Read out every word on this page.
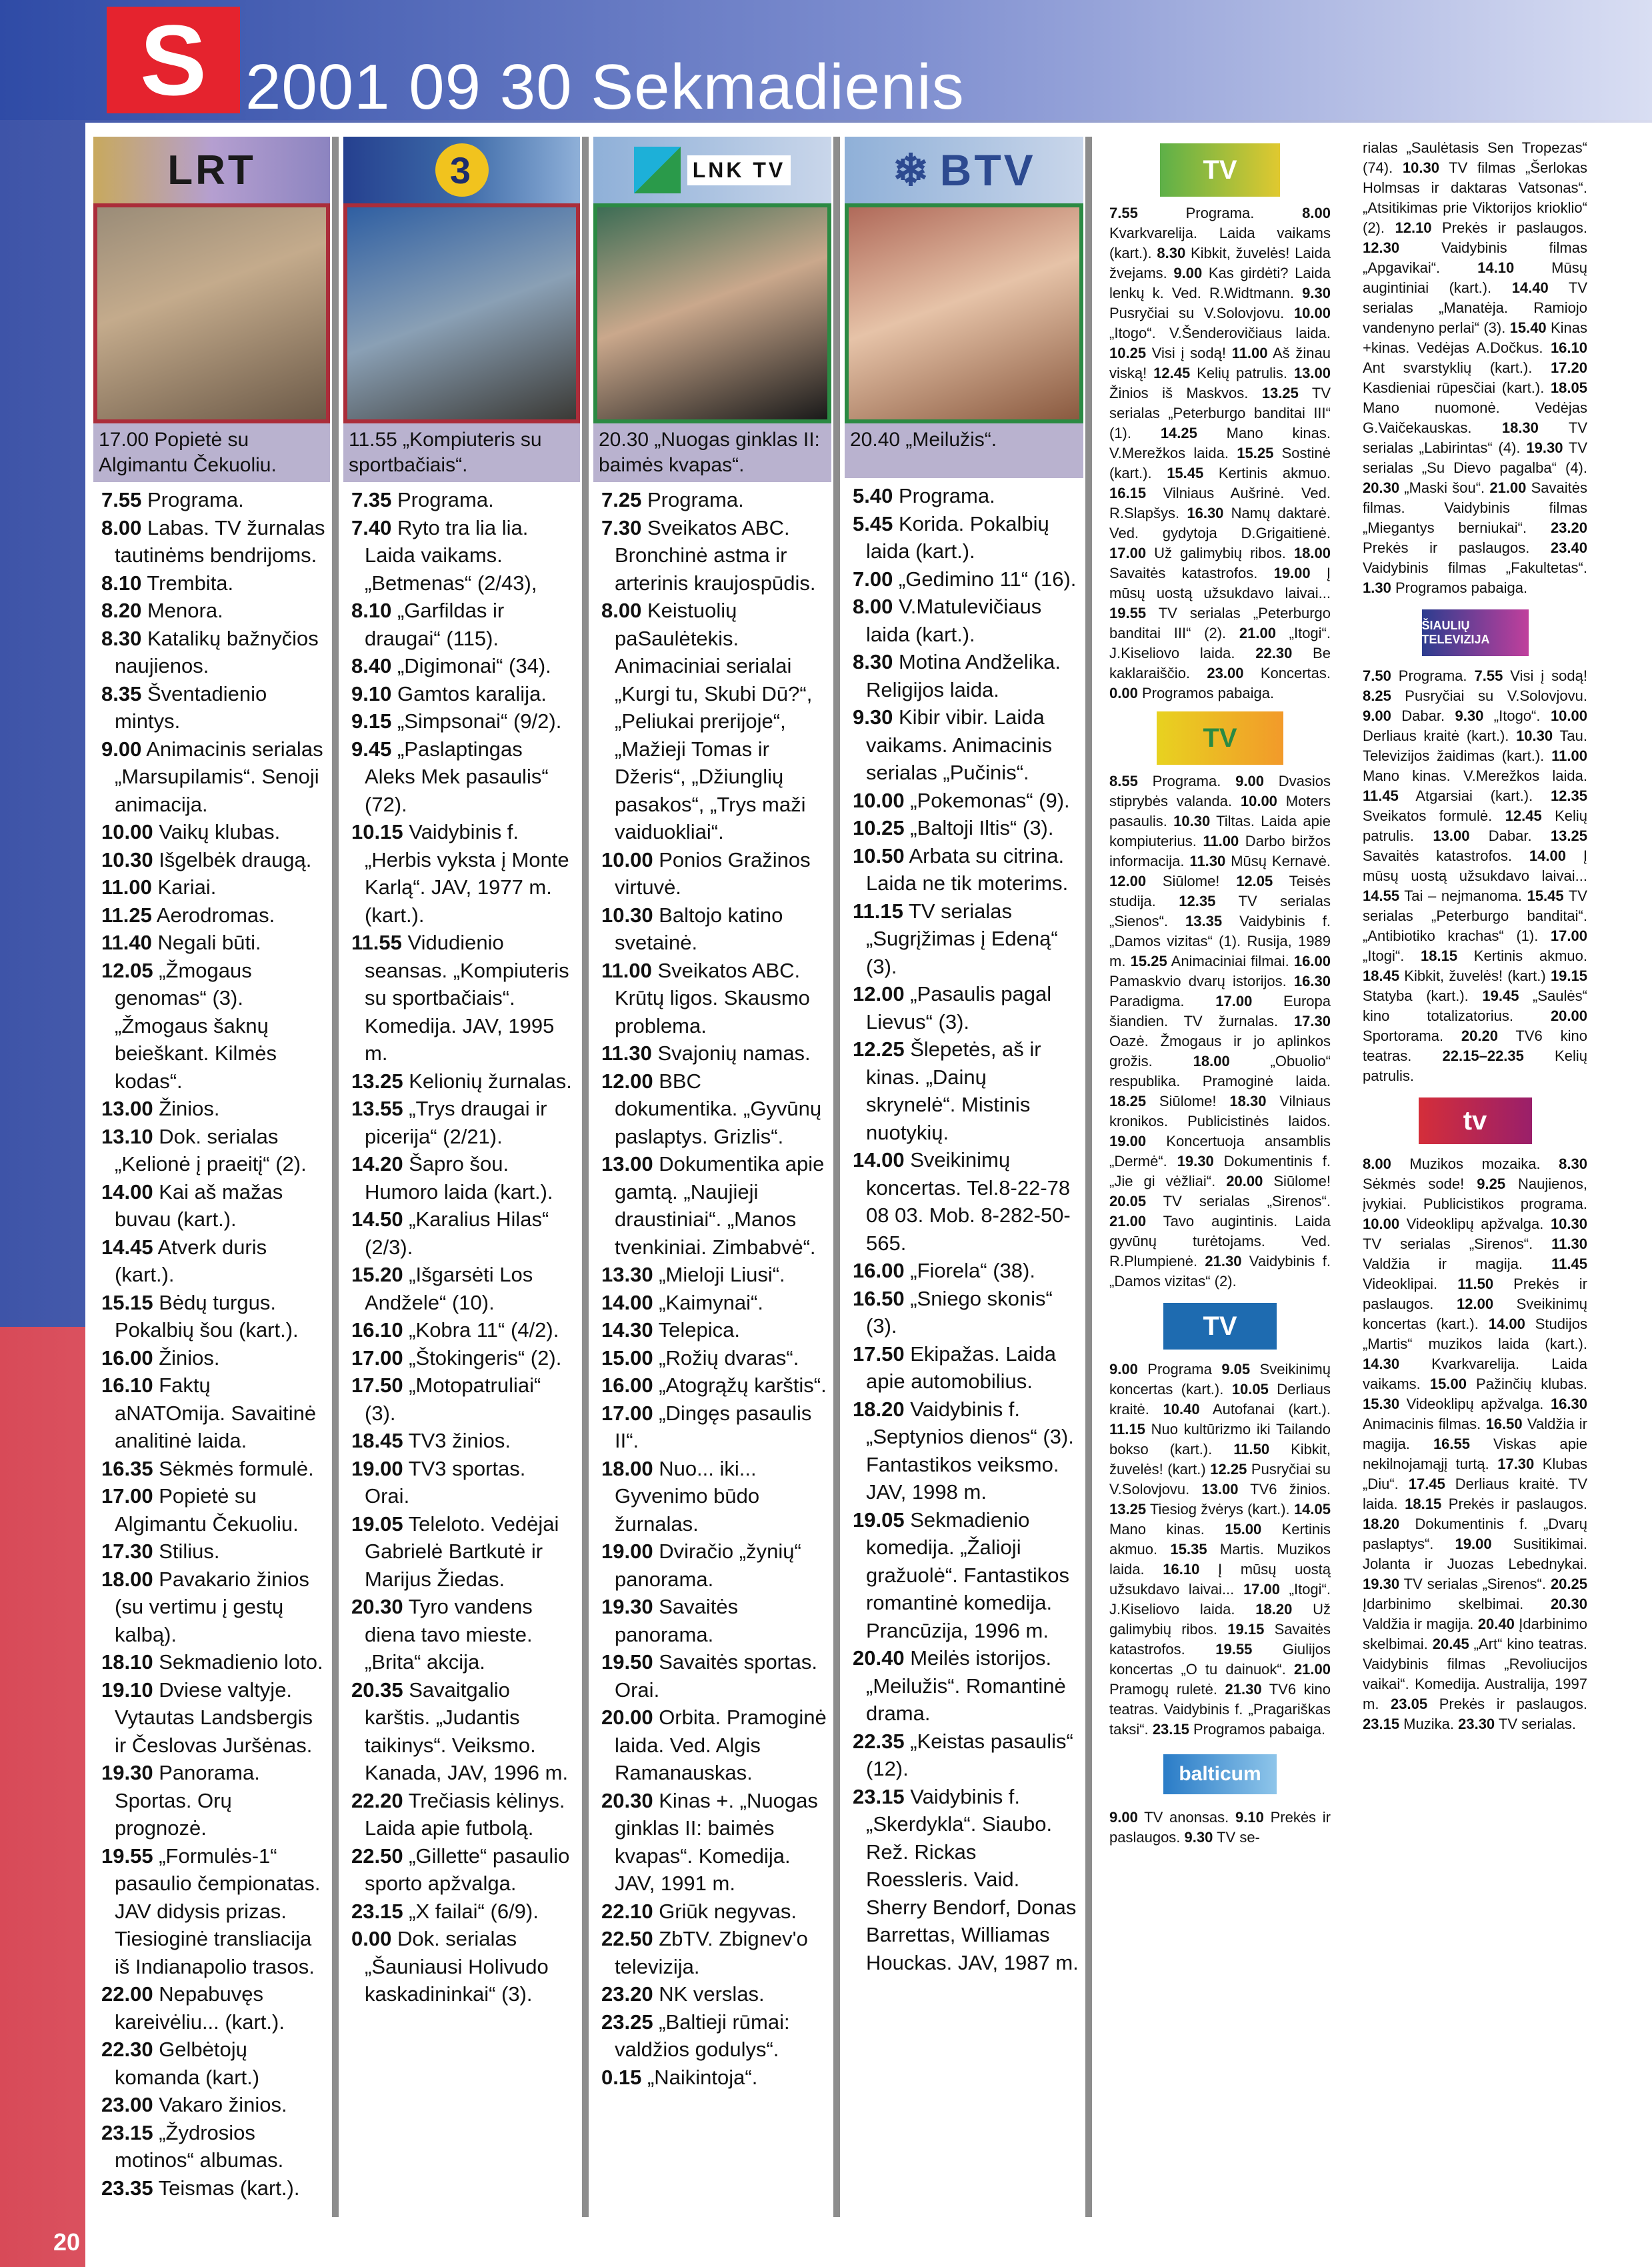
S 2001 09 30 Sekmadienis
LRT
17.00 Popietė su Algimantu Čekuoliu.
7.55 Programa.
8.00 Labas. TV žurnalas tautinėms bendrijoms.
8.10 Trembita.
8.20 Menora.
8.30 Katalikų bažnyčios naujienos.
8.35 Šventadienio mintys.
9.00 Animacinis serialas „Marsupilamis“. Senoji animacija.
10.00 Vaikų klubas.
10.30 Išgelbėk draugą.
11.00 Kariai.
11.25 Aerodromas.
11.40 Negali būti.
12.05 „Žmogaus genomas“ (3). „Žmogaus šaknų beieškant. Kilmės kodas“.
13.00 Žinios.
13.10 Dok. serialas „Kelionė į praeitį“ (2).
14.00 Kai aš mažas buvau (kart.).
14.45 Atverk duris (kart.).
15.15 Bėdų turgus. Pokalbių šou (kart.).
16.00 Žinios.
16.10 Faktų aNATOmija. Savaitinė analitinė laida.
16.35 Sėkmės formulė.
17.00 Popietė su Algimantu Čekuoliu.
17.30 Stilius.
18.00 Pavakario žinios (su vertimu į gestų kalbą).
18.10 Sekmadienio loto.
19.10 Dviese valtyje. Vytautas Landsbergis ir Česlovas Juršėnas.
19.30 Panorama. Sportas. Orų prognozė.
19.55 „Formulės-1“ pasaulio čempionatas. JAV didysis prizas. Tiesioginė transliacija iš Indianapolio trasos.
22.00 Nepabuvęs kareivėliu... (kart.).
22.30 Gelbėtojų komanda (kart.)
23.00 Vakaro žinios.
23.15 „Žydrosios motinos“ albumas.
23.35 Teismas (kart.).
3
11.55 „Kompiuteris su sportbačiais“.
7.35 Programa.
7.40 Ryto tra lia lia. Laida vaikams. „Betmenas“ (2/43),
8.10 „Garfildas ir draugai“ (115).
8.40 „Digimonai“ (34).
9.10 Gamtos karalija.
9.15 „Simpsonai“ (9/2).
9.45 „Paslaptingas Aleks Mek pasaulis“ (72).
10.15 Vaidybinis f. „Herbis vyksta į Monte Karlą“. JAV, 1977 m. (kart.).
11.55 Vidudienio seansas. „Kompiuteris su sportbačiais“. Komedija. JAV, 1995 m.
13.25 Kelionių žurnalas.
13.55 „Trys draugai ir picerija“ (2/21).
14.20 Šapro šou. Humoro laida (kart.).
14.50 „Karalius Hilas“ (2/3).
15.20 „Išgarsėti Los Andžele“ (10).
16.10 „Kobra 11“ (4/2).
17.00 „Štokingeris“ (2).
17.50 „Motopatruliai“ (3).
18.45 TV3 žinios.
19.00 TV3 sportas. Orai.
19.05 Teleloto. Vedėjai Gabrielė Bartkutė ir Marijus Žiedas.
20.30 Tyro vandens diena tavo mieste. „Brita“ akcija.
20.35 Savaitgalio karštis. „Judantis taikinys“. Veiksmo. Kanada, JAV, 1996 m.
22.20 Trečiasis kėlinys. Laida apie futbolą.
22.50 „Gillette“ pasaulio sporto apžvalga.
23.15 „X failai“ (6/9).
0.00 Dok. serialas „Šauniausi Holivudo kaskadininkai“ (3).
LNK TV
20.30 „Nuogas ginklas II: baimės kvapas“.
7.25 Programa.
7.30 Sveikatos ABC. Bronchinė astma ir arterinis kraujospūdis.
8.00 Keistuolių paSaulėtekis. Animaciniai serialai „Kurgi tu, Skubi Dū?“, „Peliukai prerijoje“, „Mažieji Tomas ir Džeris“, „Džiunglių pasakos“, „Trys maži vaiduokliai“.
10.00 Ponios Gražinos virtuvė.
10.30 Baltojo katino svetainė.
11.00 Sveikatos ABC. Krūtų ligos. Skausmo problema.
11.30 Svajonių namas.
12.00 BBC dokumentika. „Gyvūnų paslaptys. Grizlis“.
13.00 Dokumentika apie gamtą. „Naujieji draustiniai“. „Manos tvenkiniai. Zimbabvė“.
13.30 „Mieloji Liusi“.
14.00 „Kaimynai“.
14.30 Telepica.
15.00 „Rožių dvaras“.
16.00 „Atogrąžų karštis“.
17.00 „Dingęs pasaulis II“.
18.00 Nuo... iki... Gyvenimo būdo žurnalas.
19.00 Dviračio „žynių“ panorama.
19.30 Savaitės panorama.
19.50 Savaitės sportas. Orai.
20.00 Orbita. Pramoginė laida. Ved. Algis Ramanauskas.
20.30 Kinas +. „Nuogas ginklas II: baimės kvapas“. Komedija. JAV, 1991 m.
22.10 Griūk negyvas.
22.50 ZbTV. Zbignev'o televizija.
23.20 NK verslas.
23.25 „Baltieji rūmai: valdžios godulys“.
0.15 „Naikintoja“.
❄ BTV
20.40 „Meilužis“.
5.40 Programa.
5.45 Korida. Pokalbių laida (kart.).
7.00 „Gedimino 11“ (16).
8.00 V.Matulevičiaus laida (kart.).
8.30 Motina Andželika. Religijos laida.
9.30 Kibir vibir. Laida vaikams. Animacinis serialas „Pučinis“.
10.00 „Pokemonas“ (9).
10.25 „Baltoji Iltis“ (3).
10.50 Arbata su citrina. Laida ne tik moterims.
11.15 TV serialas „Sugrįžimas į Edeną“ (3).
12.00 „Pasaulis pagal Lievus“ (3).
12.25 Šlepetės, aš ir kinas. „Dainų skrynelė“. Mistinis nuotykių.
14.00 Sveikinimų koncertas. Tel.8-22-78 08 03. Mob. 8-282-50-565.
16.00 „Fiorela“ (38).
16.50 „Sniego skonis“ (3).
17.50 Ekipažas. Laida apie automobilius.
18.20 Vaidybinis f. „Septynios dienos“ (3). Fantastikos veiksmo. JAV, 1998 m.
19.05 Sekmadienio komedija. „Žalioji gražuolė“. Fantastikos romantinė komedija. Prancūzija, 1996 m.
20.40 Meilės istorijos. „Meilužis“. Romantinė drama.
22.35 „Keistas pasaulis“ (12).
23.15 Vaidybinis f. „Skerdykla“. Siaubo. Rež. Rickas Roessleris. Vaid. Sherry Bendorf, Donas Barrettas, Williamas Houckas. JAV, 1987 m.
TV
7.55 Programa.	8.00 Kvarkvarelija. Laida vaikams (kart.). 8.30 Kibkit, žuvelės! Laida žvejams. 9.00 Kas girdėti? Laida lenkų k. Ved. R.Widtmann. 9.30 Pusryčiai su V.Solovjovu. 10.00 „Itogo“. V.Šenderovičiaus laida. 10.25 Visi į sodą! 11.00 Aš žinau viską! 12.45 Kelių patrulis. 13.00 Žinios iš Maskvos. 13.25 TV serialas „Peterburgo banditai III“ (1). 14.25 Mano kinas. V.Merežkos laida. 15.25 Sostinė (kart.). 15.45 Kertinis akmuo. 16.15 Vilniaus Aušrinė. Ved. R.Slapšys. 16.30 Namų daktarė. Ved. gydytoja D.Grigaitienė. 17.00 Už galimybių ribos. 18.00 Savaitės katastrofos. 19.00 Į mūsų uostą užsukdavo laivai... 19.55 TV serialas „Peterburgo banditai III“ (2). 21.00 „Itogi“. J.Kiseliovo laida. 22.30 Be kaklaraiščio. 23.00 Koncertas. 0.00 Programos pabaiga.
TV
8.55 Programa. 9.00 Dvasios stiprybės valanda. 10.00 Moters pasaulis. 10.30 Tiltas. Laida apie kompiuterius. 11.00 Darbo biržos informacija. 11.30 Mūsų Kernavė. 12.00 Siūlome! 12.05 Teisės studija. 12.35 TV serialas „Sienos“. 13.35 Vaidybinis f. „Damos vizitas“ (1). Rusija, 1989 m. 15.25 Animaciniai filmai. 16.00 Pamaskvio dvarų istorijos. 16.30 Paradigma. 17.00 Europa šiandien. TV žurnalas. 17.30 Oazė. Žmogaus ir jo aplinkos grožis.	18.00 „Obuolio“ respublika. Pramoginė laida. 18.25 Siūlome! 18.30 Vilniaus kronikos. Publicistinės laidos. 19.00 Koncertuoja ansamblis „Dermė“. 19.30 Dokumentinis f. „Jie gi vėžliai“. 20.00 Siūlome! 20.05 TV serialas „Sirenos“. 21.00 Tavo augintinis. Laida gyvūnų turėtojams. Ved. R.Plumpienė. 21.30 Vaidybinis f. „Damos vizitas“ (2).
TV
9.00 Programa 9.05 Sveikinimų koncertas (kart.). 10.05 Derliaus kraitė. 10.40 Autofanai (kart.). 11.15 Nuo kultūrizmo iki Tailando bokso (kart.). 11.50 Kibkit, žuvelės! (kart.) 12.25 Pusryčiai su V.Solovjovu. 13.00 TV6 žinios. 13.25 Tiesiog žvėrys (kart.). 14.05 Mano kinas. 15.00 Kertinis akmuo. 15.35 Martis. Muzikos laida. 16.10 Į mūsų uostą užsukdavo laivai... 17.00 „Itogi“. J.Kiseliovo laida. 18.20 Už galimybių ribos. 19.15 Savaitės katastrofos. 19.55 Giulijos koncertas „O tu dainuok“. 21.00 Pramogų ruletė. 21.30 TV6 kino teatras. Vaidybinis f. „Pragariškas taksi“. 23.15 Programos pabaiga.
balticum
9.00 TV anonsas. 9.10 Prekės ir paslaugos. 9.30 TV se-
rialas „Saulėtasis Sen Tropezas“ (74). 10.30 TV filmas „Šerlokas Holmsas ir daktaras Vatsonas“. „Atsitikimas prie Viktorijos krioklio“ (2). 12.10 Prekės ir paslaugos. 12.30 Vaidybinis filmas „Apgavikai“.	14.10 Mūsų augintiniai (kart.). 14.40 TV serialas „Manatėja. Ramiojo vandenyno perlai“ (3). 15.40 Kinas +kinas. Vedėjas A.Dočkus. 16.10 Ant svarstyklių (kart.). 17.20 Kasdieniai rūpesčiai (kart.). 18.05 Mano nuomonė. Vedėjas G.Vaičekauskas. 18.30 TV serialas „Labirintas“ (4). 19.30 TV serialas „Su Dievo pagalba“ (4). 20.30 „Maski šou“. 21.00 Savaitės filmas. Vaidybinis filmas „Miegantys berniukai“. 23.20 Prekės ir paslaugos. 23.40 Vaidybinis filmas „Fakultetas“. 1.30 Programos pabaiga.
ŠIAULIŲ TELEVIZIJA
7.50 Programa. 7.55 Visi į sodą! 8.25 Pusryčiai su V.Solovjovu. 9.00 Dabar. 9.30 „Itogo“. 10.00 Derliaus kraitė (kart.). 10.30 Tau. Televizijos žaidimas (kart.). 11.00 Mano kinas. V.Merežkos laida. 11.45 Atgarsiai (kart.). 12.35 Sveikatos formulė. 12.45 Kelių patrulis. 13.00 Dabar. 13.25 Savaitės katastrofos. 14.00 Į mūsų uostą užsukdavo laivai... 14.55 Tai – nejmanoma. 15.45 TV serialas „Peterburgo banditai“. „Antibiotiko krachas“ (1). 17.00 „Itogi“. 18.15 Kertinis akmuo. 18.45 Kibkit, žuvelės! (kart.) 19.15 Statyba (kart.). 19.45 „Saulės“ kino totalizatorius.	20.00 Sportorama. 20.20 TV6 kino teatras. 22.15–22.35 Kelių patrulis.
tv
8.00 Muzikos mozaika. 8.30 Sėkmės sode! 9.25 Naujienos, įvykiai. Publicistikos programa. 10.00 Videoklipų apžvalga. 10.30 TV serialas „Sirenos“. 11.30 Valdžia ir magija. 11.45 Videoklipai. 11.50 Prekės ir paslaugos. 12.00 Sveikinimų koncertas (kart.). 14.00 Studijos „Martis“ muzikos laida (kart.). 14.30 Kvarkvarelija. Laida vaikams. 15.00 Pažinčių klubas. 15.30 Videoklipų apžvalga. 16.30 Animacinis filmas. 16.50 Valdžia ir magija. 16.55 Viskas apie nekilnojamąjį turtą. 17.30 Klubas „Diu“. 17.45 Derliaus kraitė. TV laida. 18.15 Prekės ir paslaugos. 18.20 Dokumentinis f. „Dvarų paslaptys“. 19.00 Susitikimai. Jolanta ir Juozas Lebednykai. 19.30 TV serialas „Sirenos“. 20.25 Įdarbinimo skelbimai. 20.30 Valdžia ir magija. 20.40 Įdarbinimo skelbimai. 20.45 „Art“ kino teatras. Vaidybinis filmas „Revoliucijos vaikai“. Komedija. Australija, 1997 m. 23.05 Prekės ir paslaugos. 23.15 Muzika. 23.30 TV serialas.
20
